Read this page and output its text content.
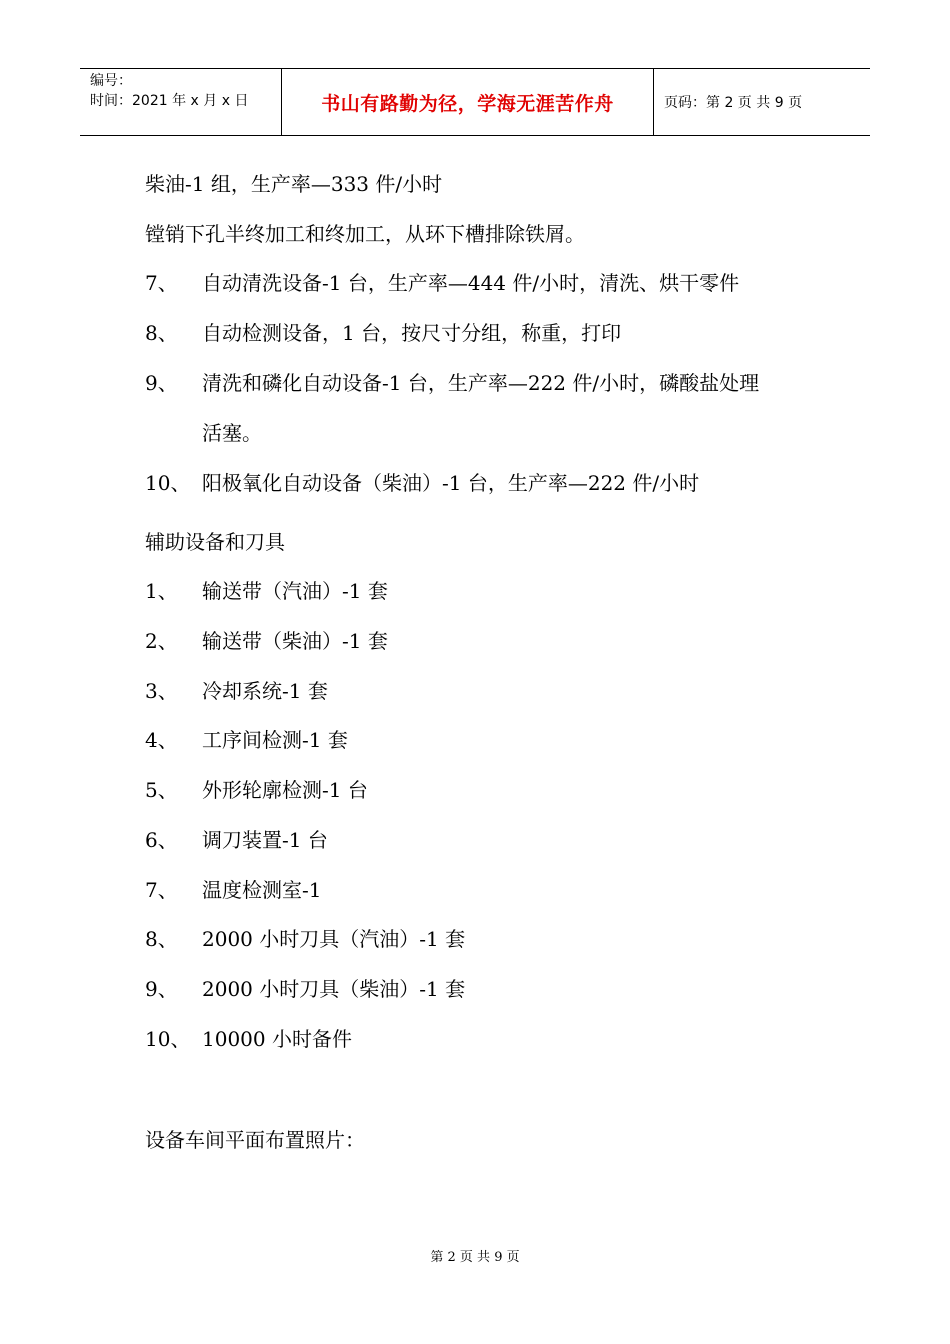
编号：
时间：2021 年 x 月 x 日	书山有路勤为径，学海无涯苦作舟	页码：第 2 页 共 9 页
柴油-1 组，生产率—333 件/小时
镗销下孔半终加工和终加工，从环下槽排除铁屑。
7、 自动清洗设备-1 台，生产率—444 件/小时，清洗、烘干零件
8、 自动检测设备，1 台，按尺寸分组，称重，打印
9、 清洗和磷化自动设备-1 台，生产率—222 件/小时，磷酸盐处理
活塞。
10、 阳极氧化自动设备（柴油）-1 台，生产率—222 件/小时
辅助设备和刀具
1、 输送带（汽油）-1 套
2、 输送带（柴油）-1 套
3、 冷却系统-1 套
4、 工序间检测-1 套
5、 外形轮廓检测-1 台
6、 调刀装置-1 台
7、 温度检测室-1
8、 2000 小时刀具（汽油）-1 套
9、 2000 小时刀具（柴油）-1 套
10、 10000 小时备件
设备车间平面布置照片：
第 2 页 共 9 页
